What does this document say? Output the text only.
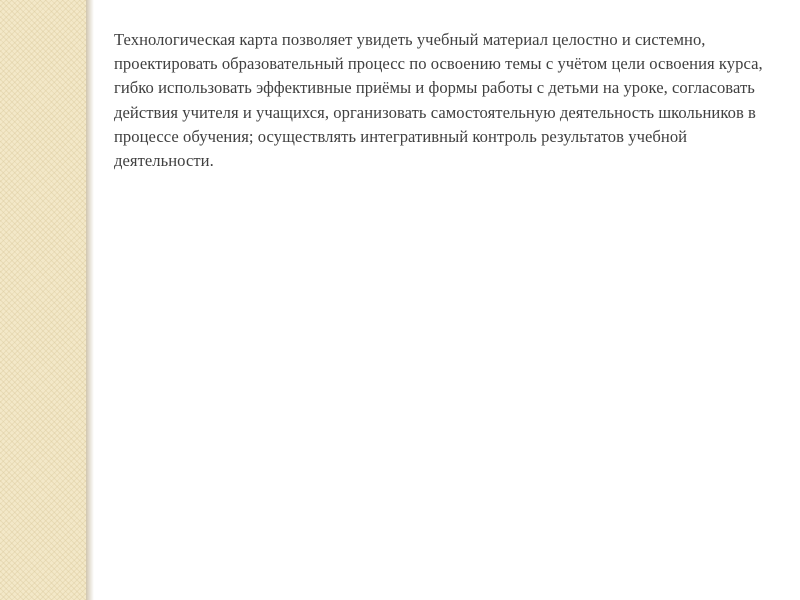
Технологическая карта позволяет увидеть учебный материал целостно и системно, проектировать образовательный процесс по освоению темы с учётом цели освоения курса, гибко использовать эффективные приёмы и формы работы с детьми на уроке, согласовать действия учителя и учащихся, организовать самостоятельную деятельность школьников в процессе обучения; осуществлять интегративный контроль результатов учебной деятельности.
